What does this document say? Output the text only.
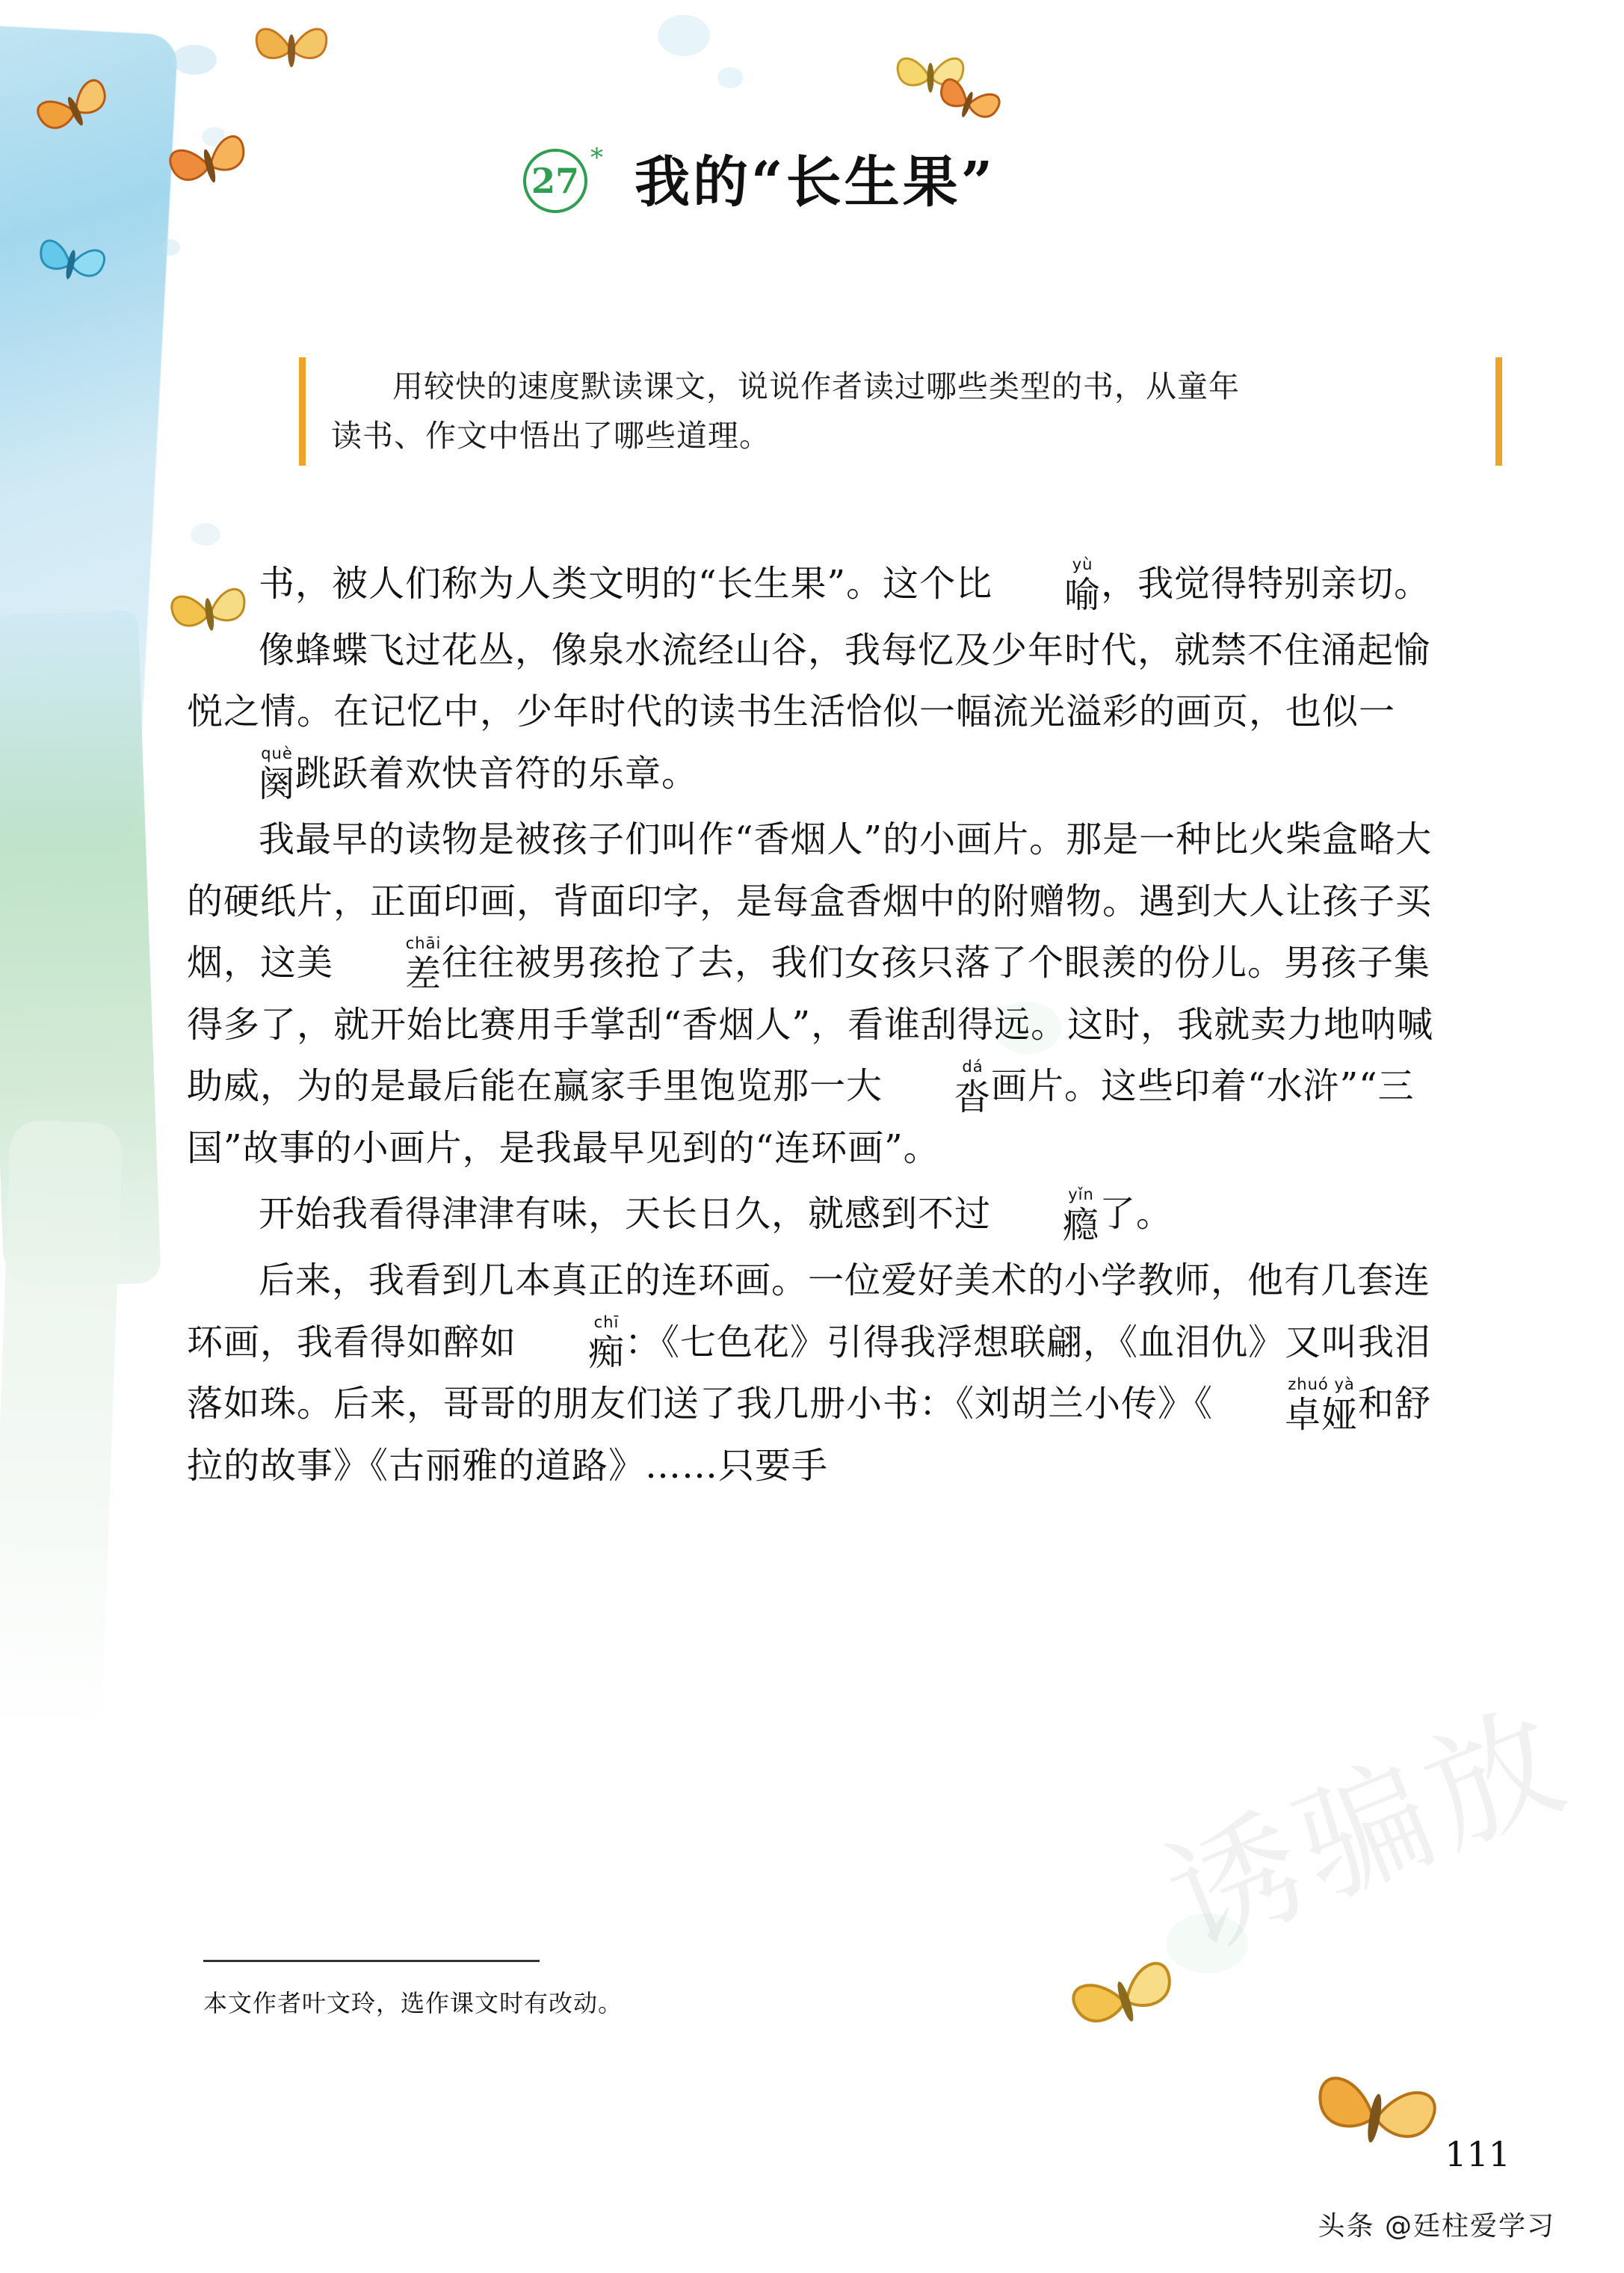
27
* 我的“长生果”

用较快的速度默读课文，说说作者读过哪些类型的书，从童年

读书、作文中悟出了哪些道理。

书，被人们称为人类文明的“长生果”。这个比	yù
喻 ，我觉得特别亲切。

像蜂蝶飞过花丛，像泉水流经山谷，我每忆及少年时代，就禁不住涌起愉悦之情。在记忆中，少年时代的读书生活恰似一幅流光溢彩的画页，也似一
què
阕 跳跃着欢快音符的乐章。

我最早的读物是被孩子们叫作“香烟人”的小画片。那是一种比火柴盒略大的硬纸片，正面印画，背面印字，是每盒香烟中的附赠物。遇到大人让孩子买烟，这美	chāi
差 往往被男孩抢了去，我们女孩只落了个眼羡的份儿。男孩子集得多了，就开始比赛用手掌刮“香烟人”，看谁刮得远。这时，我就卖力地呐喊助威，为的是最后能在赢家手里饱览那一大	dá
沓 画片。这些印着“水浒”“三国”故事的小画片，是我最早见到的“连环画”。

开始我看得津津有味，天长日久，就感到不过	yǐn
瘾 了。

后来，我看到几本真正的连环画。一位爱好美术的小学教师，他有几套连环画，我看得如醉如	chī
痴 ：《七色花》引得我浮想联翩，《血泪仇》又叫我泪落如珠。后来，哥哥的朋友们送了我几册小书：《刘胡兰小传》《	zhuó yà
卓娅 和舒拉的故事》《古丽雅的道路》……只要手

本文作者叶文玲，选作课文时有改动。
诱骗放
111
头条 @廷柱爱学习
